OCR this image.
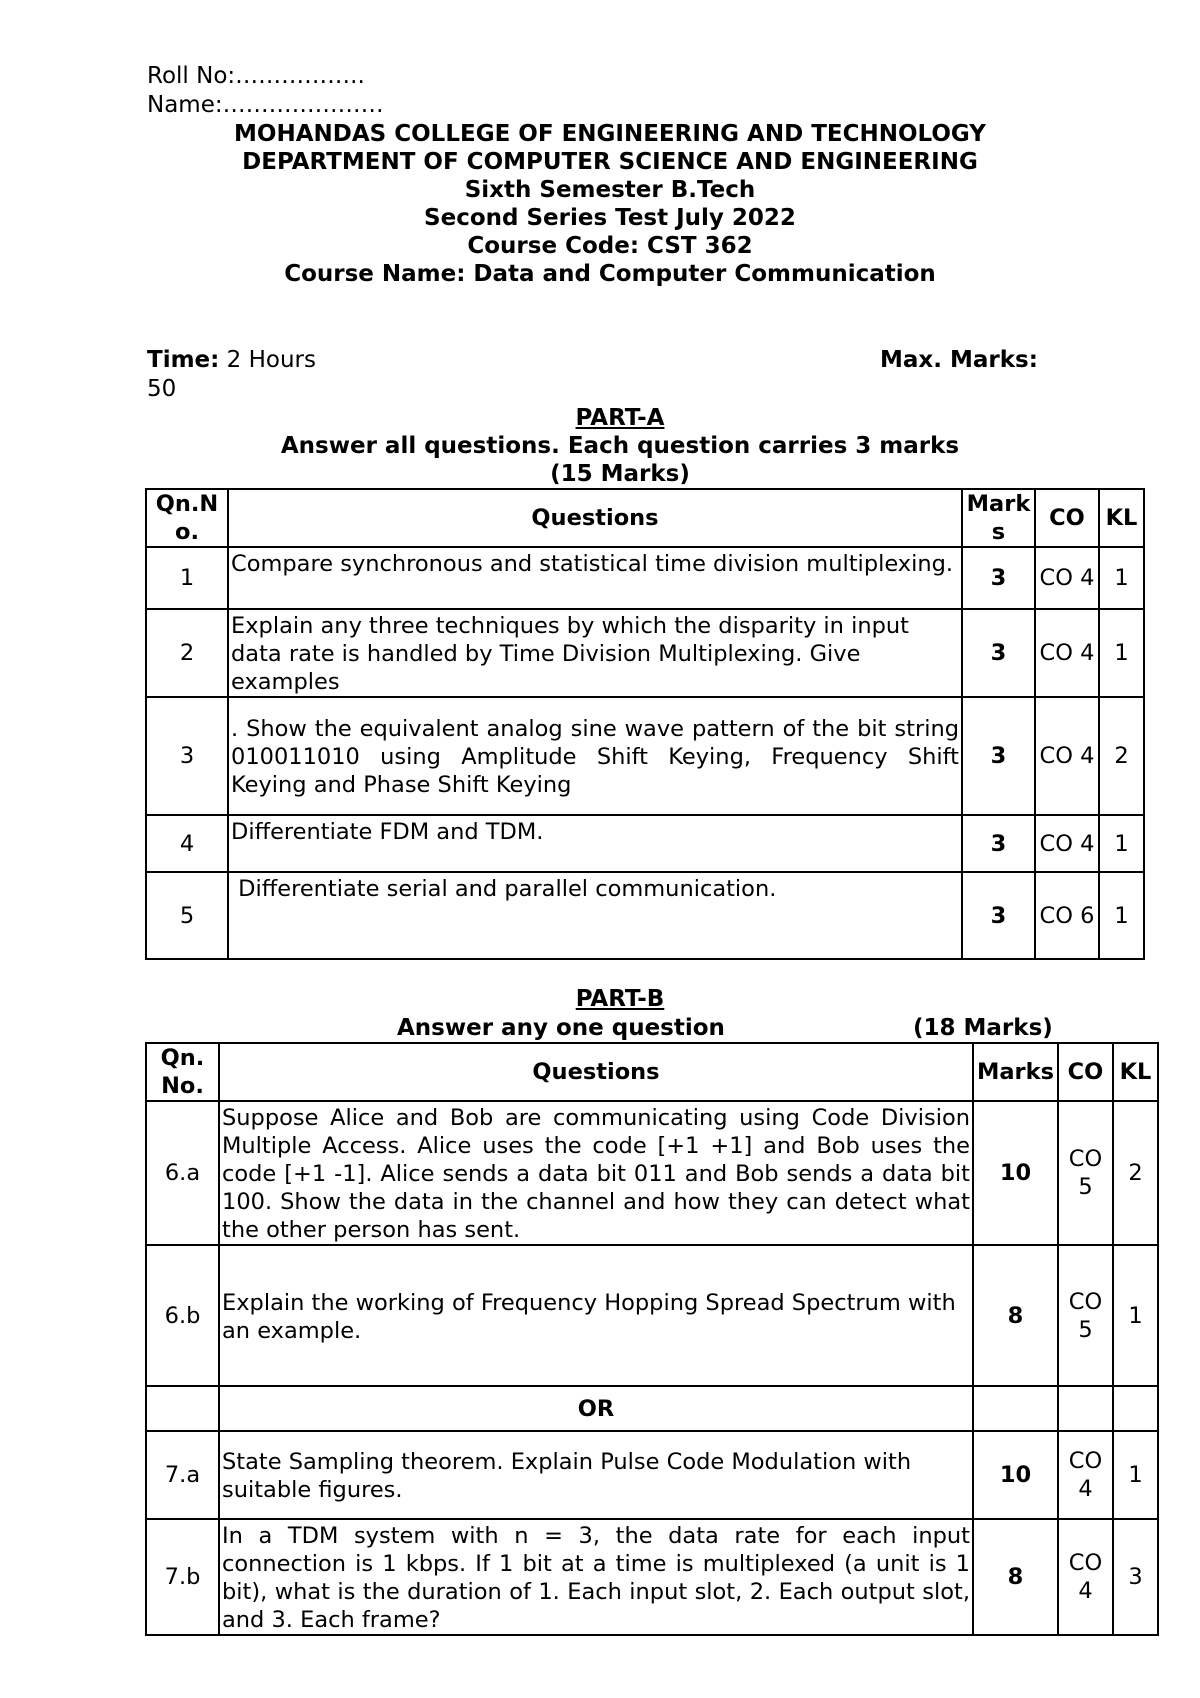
Roll No:……………..
Name:…………………
MOHANDAS COLLEGE OF ENGINEERING AND TECHNOLOGY
DEPARTMENT OF COMPUTER SCIENCE AND ENGINEERING
Sixth Semester B.Tech
Second Series Test July 2022
Course Code: CST 362
Course Name: Data and Computer Communication
Time: 2 Hours	Max. Marks:
50
PART-A
Answer all questions. Each question carries 3 marks
(15 Marks)
Qn.No.	Questions	Marks	CO	KL
1	Compare synchronous and statistical time division multiplexing.	3	CO 4	1
2	Explain any three techniques by which the disparity in input data rate is handled by Time Division Multiplexing. Give examples	3	CO 4	1
3	. Show the equivalent analog sine wave pattern of the bit string 010011010 using Amplitude Shift Keying, Frequency Shift Keying and Phase Shift Keying	3	CO 4	2
4	Differentiate FDM and TDM.	3	CO 4	1
5	Differentiate serial and parallel communication.	3	CO 6	1
PART-B
Answer any one question	(18 Marks)
Qn. No.	Questions	Marks	CO	KL
6.a	Suppose Alice and Bob are communicating using Code Division Multiple Access. Alice uses the code [+1 +1] and Bob uses the code [+1 -1]. Alice sends a data bit 011 and Bob sends a data bit 100. Show the data in the channel and how they can detect what the other person has sent.	10	CO 5	2
6.b	Explain the working of Frequency Hopping Spread Spectrum with an example.	8	CO 5	1
	OR			
7.a	State Sampling theorem. Explain Pulse Code Modulation with suitable figures.	10	CO 4	1
7.b	In a TDM system with n = 3, the data rate for each input connection is 1 kbps. If 1 bit at a time is multiplexed (a unit is 1 bit), what is the duration of 1. Each input slot, 2. Each output slot, and 3. Each frame?	8	CO 4	3
